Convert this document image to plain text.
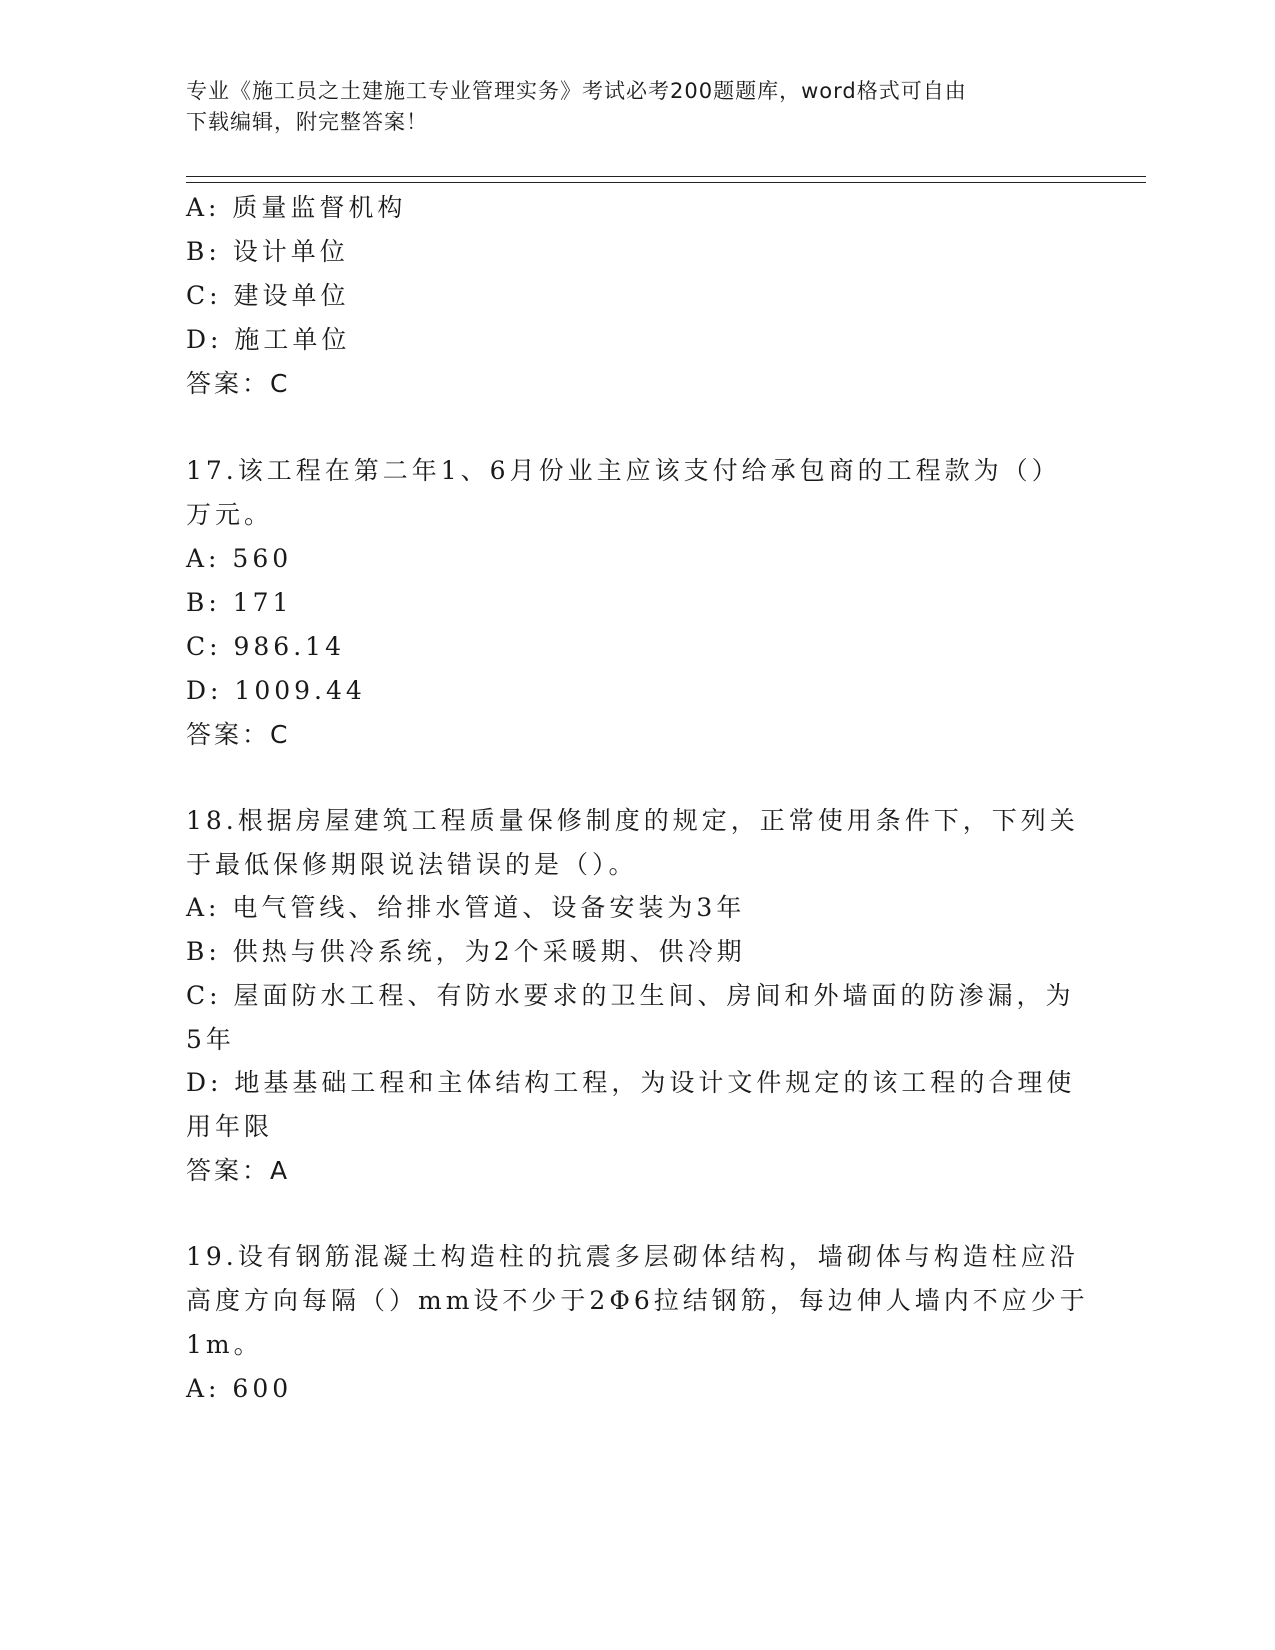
专业《施工员之土建施工专业管理实务》考试必考200题题库，word格式可自由
下载编辑，附完整答案！
A: 质量监督机构
B: 设计单位
C: 建设单位
D: 施工单位
答案：C
17.该工程在第二年1、6月份业主应该支付给承包商的工程款为（）
万元。
A: 560
B: 171
C: 986.14
D: 1009.44
答案：C
18.根据房屋建筑工程质量保修制度的规定，正常使用条件下，下列关
于最低保修期限说法错误的是（）。
A: 电气管线、给排水管道、设备安装为3年
B: 供热与供冷系统，为2个采暖期、供冷期
C: 屋面防水工程、有防水要求的卫生间、房间和外墙面的防渗漏，为
5年
D: 地基基础工程和主体结构工程，为设计文件规定的该工程的合理使
用年限
答案：A
19.设有钢筋混凝土构造柱的抗震多层砌体结构，墙砌体与构造柱应沿
高度方向每隔（）mm设不少于2Φ6拉结钢筋，每边伸人墙内不应少于
1m。
A: 600
